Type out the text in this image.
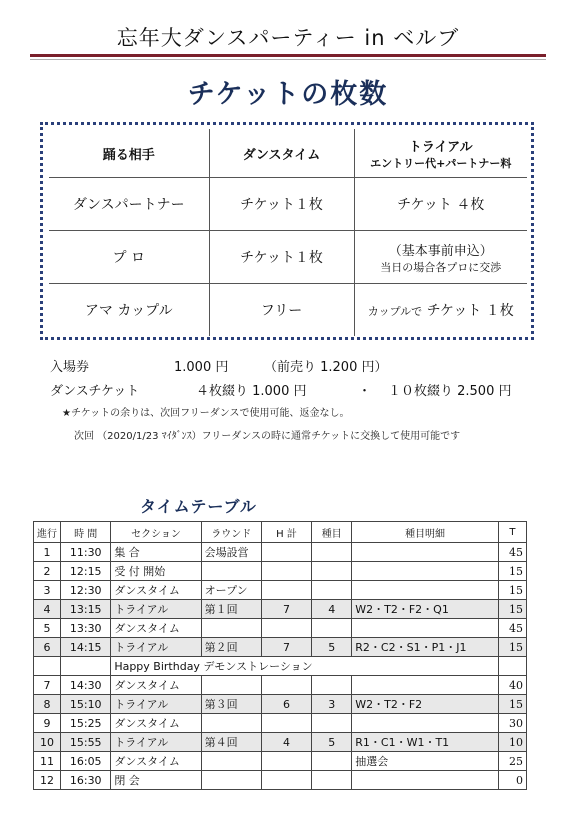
忘年大ダンスパーティー in ベルブ
チケットの枚数
踊る相手	ダンスタイム	トライアル
エントリー代+パートナー料

ダンスパートナー	チケット１枚	チケット ４枚
プ ロ	チケット１枚	（基本事前申込）
当日の場合各プロに交渉

アマ カップル	フリー	カップルで チケット １枚
入場券	1.000 円	（前売り 1.200 円）
ダンスチケット	４枚綴り 1.000 円	・ １０枚綴り 2.500 円
★チケットの余りは、次回フリーダンスで使用可能、返金なし。
次回 （2020/1/23 ﾏｲﾀﾞﾝｽ）フリーダンスの時に通常チケットに交換して使用可能です
タイムテーブル
進行	時 間	セクション	ラウンド	H 計	種目	種目明細	T
1	11:30	集 合	会場設営				45
2	12:15	受 付 開始					15
3	12:30	ダンスタイム	オープン				15
4	13:15	トライアル	第１回	7	4	W2・T2・F2・Q1	15
5	13:30	ダンスタイム					45
6	14:15	トライアル	第２回	7	5	R2・C2・S1・P1・J1	15
		Happy Birthday デモンストレーション					
7	14:30	ダンスタイム					40
8	15:10	トライアル	第３回	6	3	W2・T2・F2	15
9	15:25	ダンスタイム					30
10	15:55	トライアル	第４回	4	5	R1・C1・W1・T1	10
11	16:05	ダンスタイム				抽選会	25
12	16:30	閉 会					0
